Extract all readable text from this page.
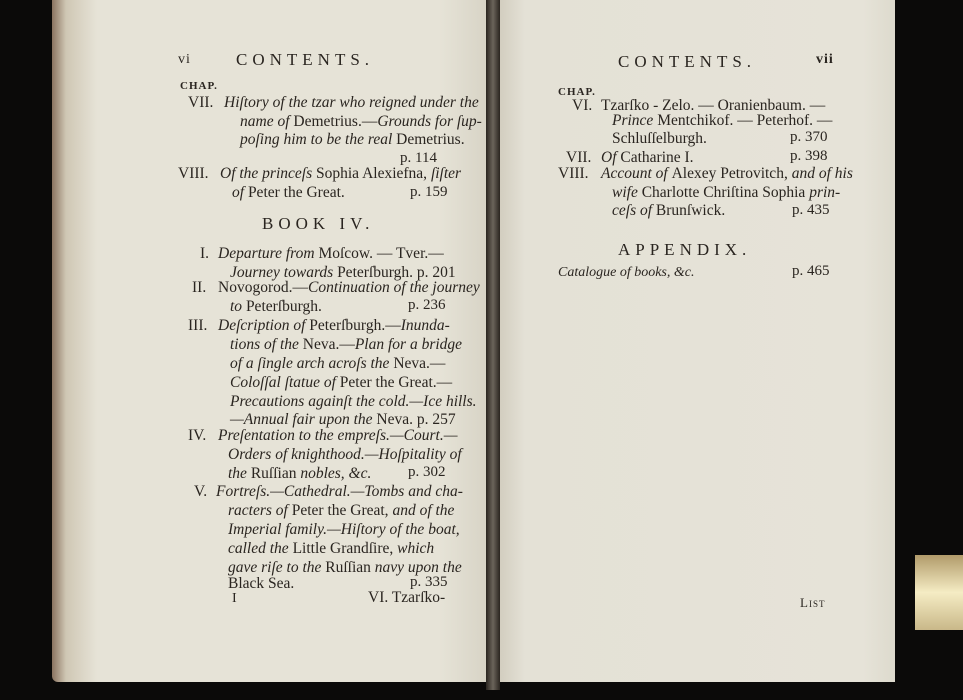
vi	CONTENTS.
CHAP.
VII. Hiſtory of the tzar who reigned under the
name of Demetrius.—Grounds for ſup-
poſing him to be the real Demetrius.
p. 114
VIII. Of the princeſs Sophia Alexiefna, ſiſter
of Peter the Great.	p. 159
BOOK IV.
I. Departure from Moſcow. — Tver.—
Journey towards Peterſburgh. p. 201
II. Novogorod.—Continuation of the journey
to Peterſburgh.	p. 236
III. Deſcription of Peterſburgh.—Inunda-
tions of the Neva.—Plan for a bridge
of a ſingle arch acroſs the Neva.—
Coloſſal ſtatue of Peter the Great.—
Precautions againſt the cold.—Ice hills.
—Annual fair upon the Neva. p. 257
IV. Preſentation to the empreſs.—Court.—
Orders of knighthood.—Hoſpitality of
the Ruſſian nobles, &c. p. 302
V. Fortreſs.—Cathedral.—Tombs and cha-
racters of Peter the Great, and of the
Imperial family.—Hiſtory of the boat,
called the Little Grandſire, which
gave riſe to the Ruſſian navy upon the
Black Sea.	p. 335
I	VI. Tzarſko-
CONTENTS.	vii
CHAP.
VI. Tzarſko - Zelo. — Oranienbaum. —
Prince Mentchikof. — Peterhof. —
Schluſſelburgh.	p. 370
VII. Of Catharine I.	p. 398
VIII. Account of Alexey Petrovitch, and of his
wife Charlotte Chriſtina Sophia prin-
ceſs of Brunſwick.	p. 435
APPENDIX.
Catalogue of books, &c.	p. 465
List
